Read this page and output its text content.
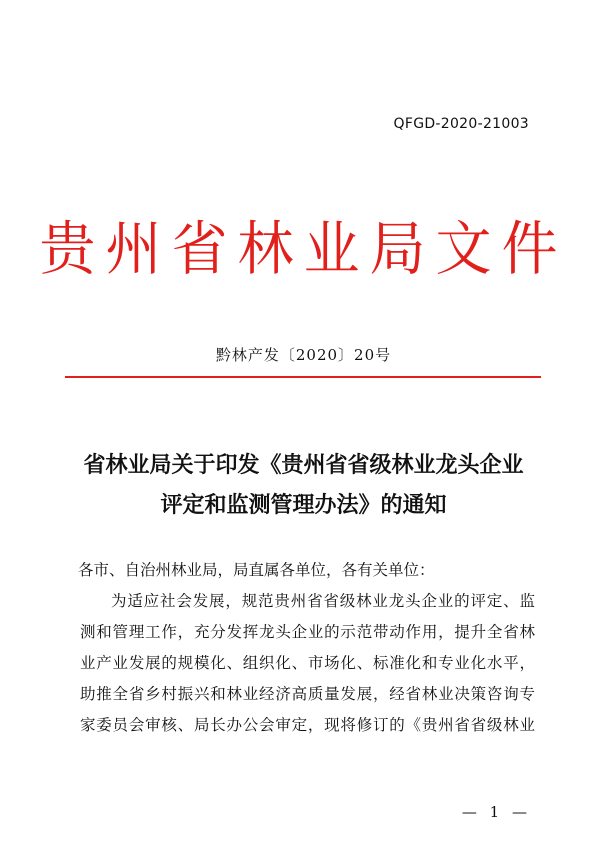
QFGD-2020-21003
贵州省林业局文件
黔林产发〔2020〕20号
省林业局关于印发《贵州省省级林业龙头企业
评定和监测管理办法》的通知
各市、自治州林业局，局直属各单位，各有关单位：
为适应社会发展，规范贵州省省级林业龙头企业的评定、监
测和管理工作，充分发挥龙头企业的示范带动作用，提升全省林
业产业发展的规模化、组织化、市场化、标准化和专业化水平，
助推全省乡村振兴和林业经济高质量发展，经省林业决策咨询专
家委员会审核、局长办公会审定，现将修订的《贵州省省级林业
— 1 —
